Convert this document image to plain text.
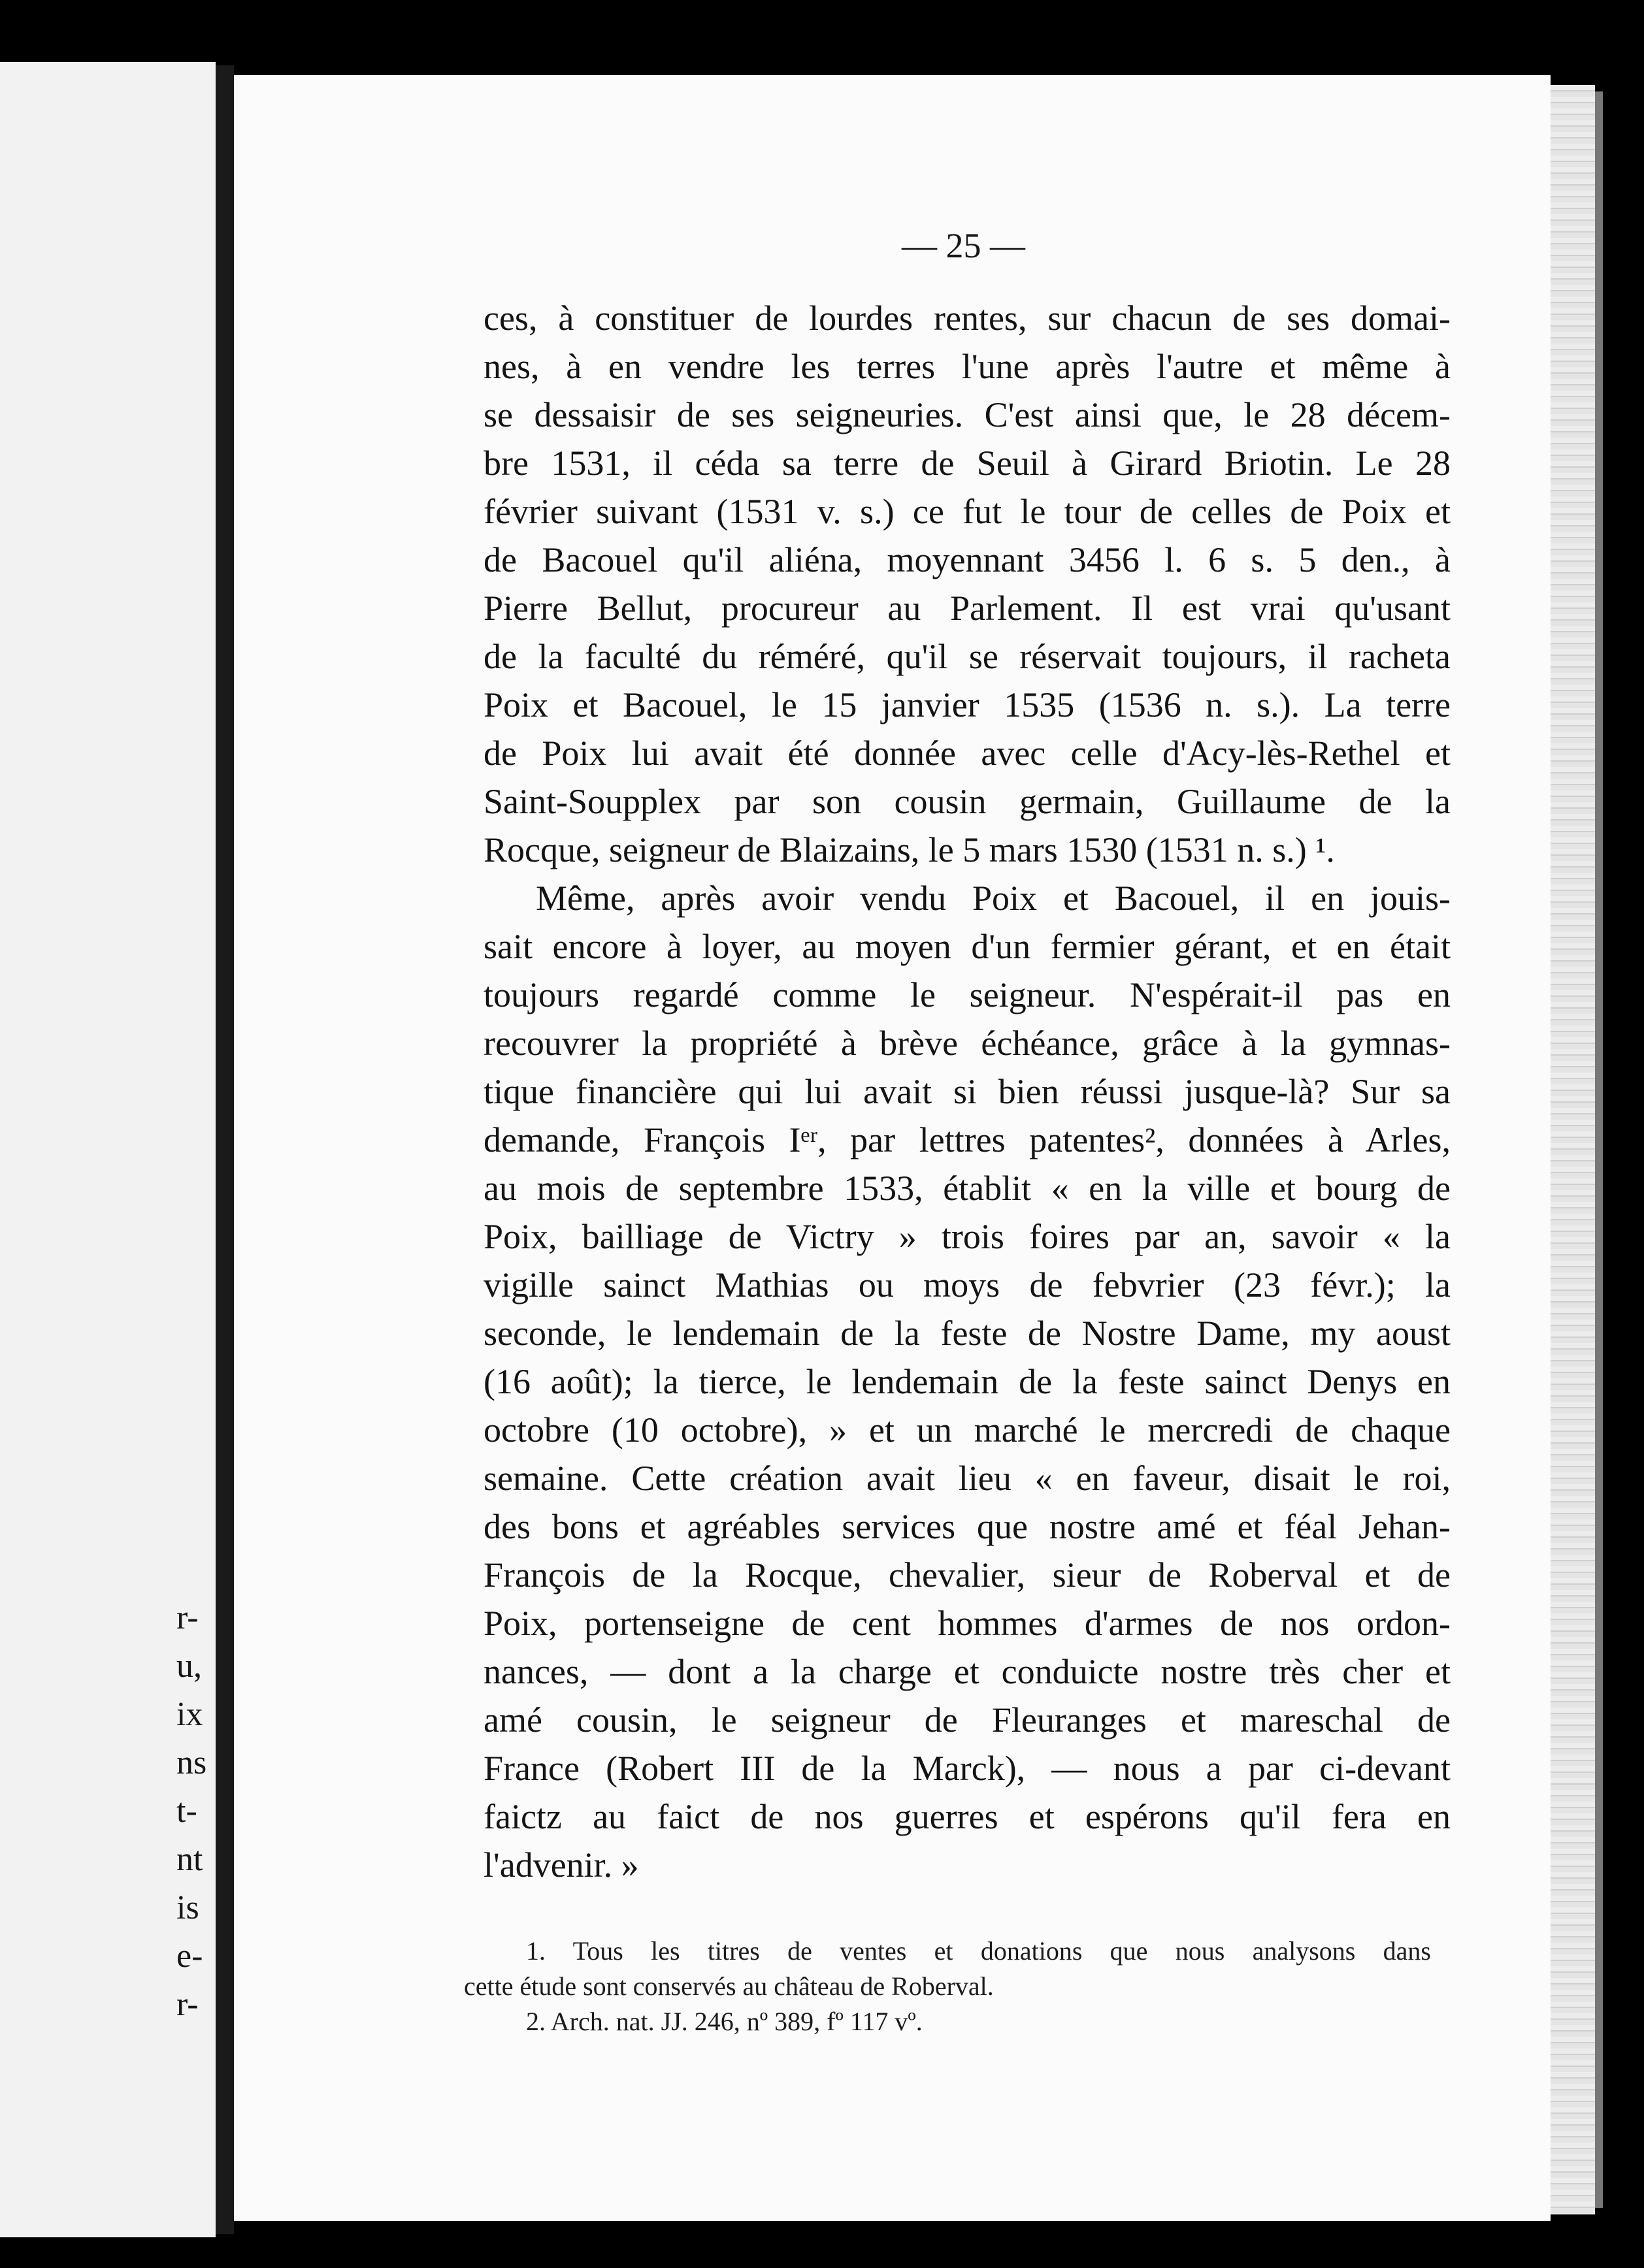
r-
u,
ix
ns
t-
nt
is
e-
r-
— 25 —
ces, à constituer de lourdes rentes, sur chacun de ses domai-
nes, à en vendre les terres l'une après l'autre et même à
se dessaisir de ses seigneuries. C'est ainsi que, le 28 décem-
bre 1531, il céda sa terre de Seuil à Girard Briotin. Le 28
février suivant (1531 v. s.) ce fut le tour de celles de Poix et
de Bacouel qu'il aliéna, moyennant 3456 l. 6 s. 5 den., à
Pierre Bellut, procureur au Parlement. Il est vrai qu'usant
de la faculté du réméré, qu'il se réservait toujours, il racheta
Poix et Bacouel, le 15 janvier 1535 (1536 n. s.). La terre
de Poix lui avait été donnée avec celle d'Acy-lès-Rethel et
Saint-Soupplex par son cousin germain, Guillaume de la
Rocque, seigneur de Blaizains, le 5 mars 1530 (1531 n. s.) ¹.
Même, après avoir vendu Poix et Bacouel, il en jouis-
sait encore à loyer, au moyen d'un fermier gérant, et en était
toujours regardé comme le seigneur. N'espérait-il pas en
recouvrer la propriété à brève échéance, grâce à la gymnas-
tique financière qui lui avait si bien réussi jusque-là? Sur sa
demande, François Iᵉʳ, par lettres patentes², données à Arles,
au mois de septembre 1533, établit « en la ville et bourg de
Poix, bailliage de Victry » trois foires par an, savoir « la
vigille sainct Mathias ou moys de febvrier (23 févr.); la
seconde, le lendemain de la feste de Nostre Dame, my aoust
(16 août); la tierce, le lendemain de la feste sainct Denys en
octobre (10 octobre), » et un marché le mercredi de chaque
semaine. Cette création avait lieu « en faveur, disait le roi,
des bons et agréables services que nostre amé et féal Jehan-
François de la Rocque, chevalier, sieur de Roberval et de
Poix, portenseigne de cent hommes d'armes de nos ordon-
nances, — dont a la charge et conduicte nostre très cher et
amé cousin, le seigneur de Fleuranges et mareschal de
France (Robert III de la Marck), — nous a par ci-devant
faictz au faict de nos guerres et espérons qu'il fera en
l'advenir. »
1. Tous les titres de ventes et donations que nous analysons dans
cette étude sont conservés au château de Roberval.
2. Arch. nat. JJ. 246, nº 389, fº 117 vº.
